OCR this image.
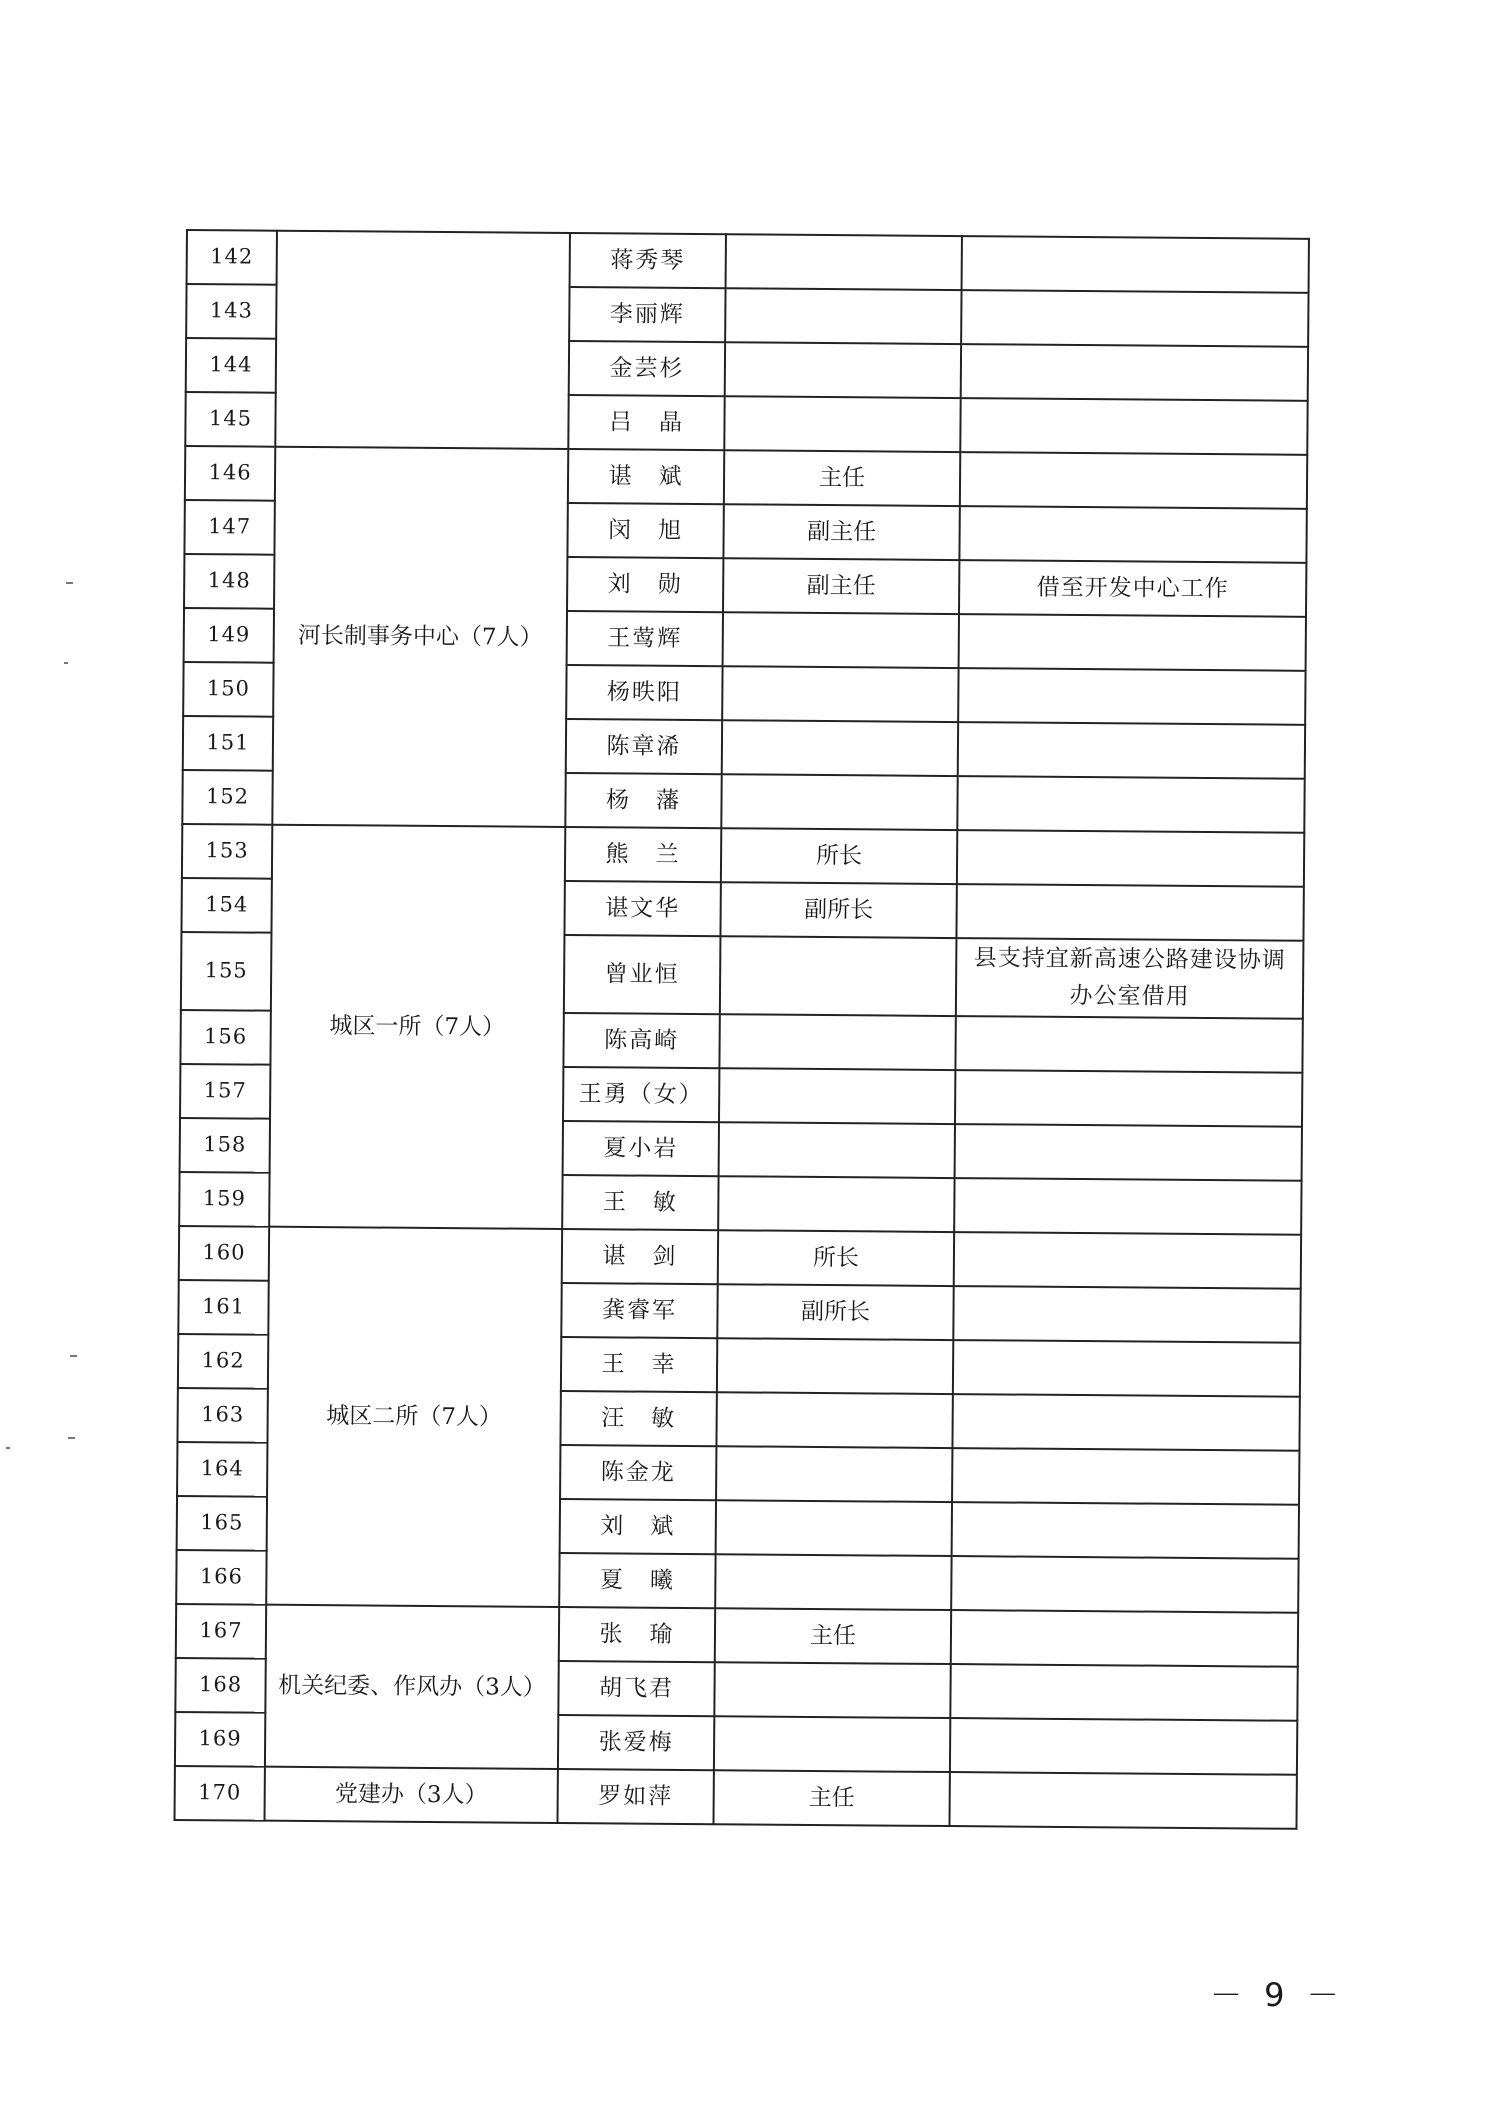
142		蒋秀琴		
143		李丽辉		
144		金芸杉		
145		吕　晶		
146	河长制事务中心（7人）	谌　斌	主任	
147		闵　旭	副主任	
148		刘　勋	副主任	借至开发中心工作
149		王莺辉		
150		杨昳阳		
151		陈章浠		
152		杨　藩		
153	城区一所（7人）	熊　兰	所长	
154		谌文华	副所长	
155		曾业恒		县支持宜新高速公路建设协调办公室借用
156		陈高崎		
157		王勇（女）		
158		夏小岩		
159		王　敏		
160	城区二所（7人）	谌　剑	所长	
161		龚睿军	副所长	
162		王　幸		
163		汪　敏		
164		陈金龙		
165		刘　斌		
166		夏　曦		
167	机关纪委、作风办（3人）	张　瑜	主任	
168		胡飞君		
169		张爱梅		
170	党建办（3人）	罗如萍	主任	
－ 9 －
